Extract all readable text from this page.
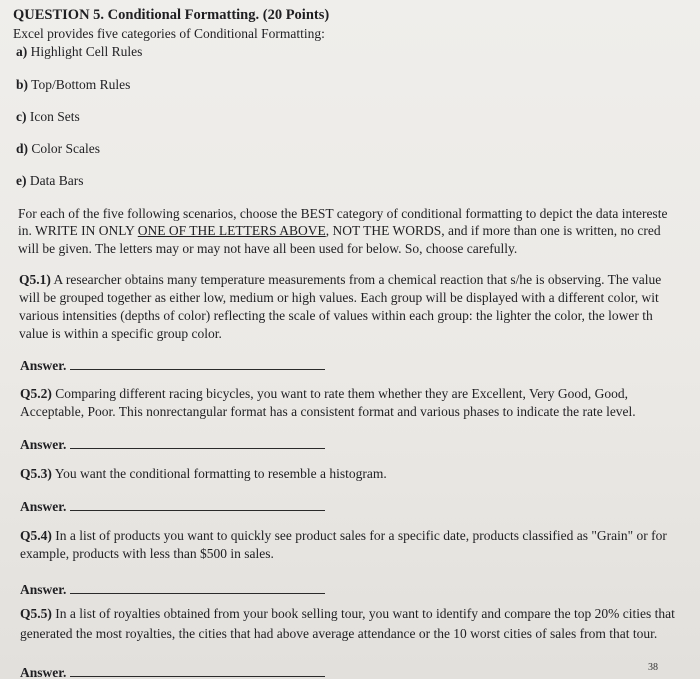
QUESTION 5. Conditional Formatting. (20 Points)
Excel provides five categories of Conditional Formatting:
a) Highlight Cell Rules
b) Top/Bottom Rules
c) Icon Sets
d) Color Scales
e) Data Bars
For each of the five following scenarios, choose the BEST category of conditional formatting to depict the data intereste
in. WRITE IN ONLY ONE OF THE LETTERS ABOVE, NOT THE WORDS, and if more than one is written, no cred
will be given. The letters may or may not have all been used for below. So, choose carefully.
Q5.1) A researcher obtains many temperature measurements from a chemical reaction that s/he is observing. The value
will be grouped together as either low, medium or high values. Each group will be displayed with a different color, wit
various intensities (depths of color) reflecting the scale of values within each group: the lighter the color, the lower th
value is within a specific group color.
Answer.
Q5.2) Comparing different racing bicycles, you want to rate them whether they are Excellent, Very Good, Good,
Acceptable, Poor. This nonrectangular format has a consistent format and various phases to indicate the rate level.
Answer.
Q5.3) You want the conditional formatting to resemble a histogram.
Answer.
Q5.4) In a list of products you want to quickly see product sales for a specific date, products classified as "Grain" or for
example, products with less than $500 in sales.
Answer.
Q5.5) In a list of royalties obtained from your book selling tour, you want to identify and compare the top 20% cities that
generated the most royalties, the cities that had above average attendance or the 10 worst cities of sales from that tour.
Answer.	38
